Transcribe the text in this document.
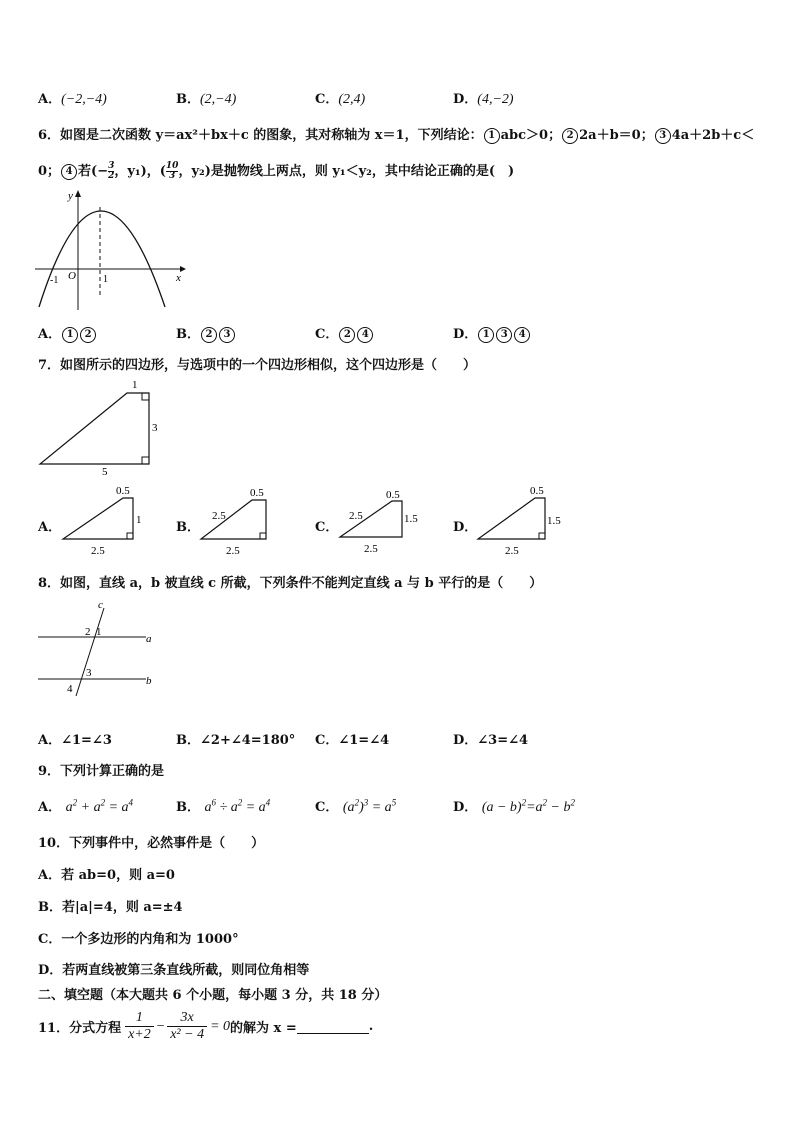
A．(−2,−4)	B．(2,−4)	C．(2,4)	D．(4,−2)
6．如图是二次函数 y＝ax²＋bx＋c 的图象，其对称轴为 x＝1，下列结论： 1 abc＞0； 2 2a＋b＝0； 3 4a＋2b＋c＜
0； 4 若(− $\frac{3}{2}$，y₁)，( $\frac{10}{3}$，y₂)是抛物线上两点，则 y₁＜y₂，其中结论正确的是(　)
y
x
O
-1	1
A． 1 2	B． 2 3	C． 2 4	D． 1 3 4
7．如图所示的四边形，与选项中的一个四边形相似，这个四边形是（　　）
1
3
5
A．
0.5
1
2.5
B．
0.5
2.5
2.5
C．
0.5
2.5	1.5
2.5
D．
0.5
1.5
2.5
8．如图，直线 a，b 被直线 c 所截，下列条件不能判定直线 a 与 b 平行的是（　　）
c
a
b
1
2
3
4
A．∠1=∠3	B．∠2+∠4=180° C．∠1=∠4	D．∠3=∠4
9．下列计算正确的是
A． $a^2 + a^2 = a^4$	B． $a^6 \div a^2 = a^4$	C． $(a^2)^3 = a^5$	D． $(a - b)^2=a^2 - b^2$
10．下列事件中，必然事件是（　　）
A．若 ab=0，则 a=0
B．若|a|=4，则 a=±4
C．一个多边形的内角和为 1000°
D．若两直线被第三条直线所截，则同位角相等
二、填空题（本大题共 6 个小题，每小题 3 分，共 18 分）
11．分式方程 $\frac{1}{x+2} - \frac{3x}{\text{x² − 4}} = 0$ 的解为 x =	.
